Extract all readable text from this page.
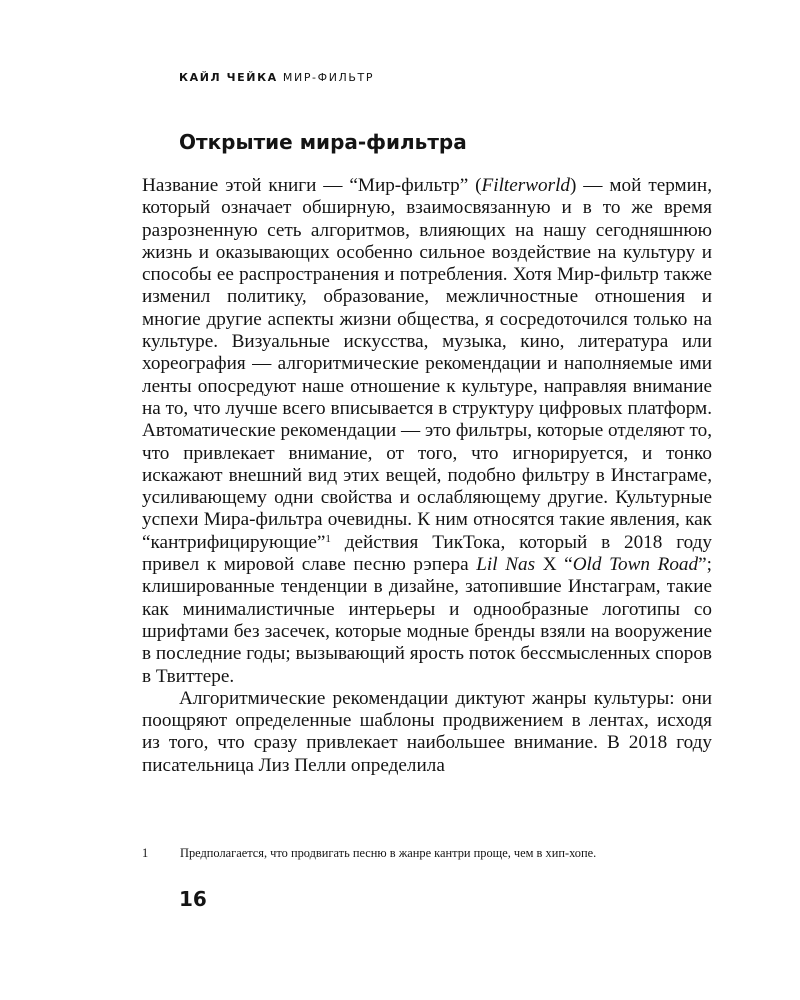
КАЙЛ ЧЕЙКА МИР-ФИЛЬТР
Открытие мира-фильтра

Название этой книги — “Мир-фильтр” (Filterworld) — мой термин, который означает обширную, взаимосвязанную и в то же время разрозненную сеть алгоритмов, влияющих на нашу сегодняшнюю жизнь и оказывающих особенно сильное воздействие на культуру и способы ее распространения и потребления. Хотя Мир-фильтр также изменил политику, образование, межличностные отношения и многие другие аспекты жизни общества, я сосредоточился только на культуре. Визуальные искусства, музыка, кино, литература или хореография — алгоритмические рекомендации и наполняемые ими ленты опосредуют наше отношение к культуре, направляя внимание на то, что лучше всего вписывается в структуру цифровых платформ. Автоматические рекомендации — это фильтры, которые отделяют то, что привлекает внимание, от того, что игнорируется, и тонко искажают внешний вид этих вещей, подобно фильтру в Инстаграме, усиливающему одни свойства и ослабляющему другие. Культурные успехи Мира-фильтра очевидны. К ним относятся такие явления, как “кантрифицирующие”$^1$ действия ТикТока, который в 2018 году привел к мировой славе песню рэпера Lil Nas X “Old Town Road”; клишированные тенденции в дизайне, затопившие Инстаграм, такие как минималистичные интерьеры и однообразные логотипы со шрифтами без засечек, которые модные бренды взяли на вооружение в последние годы; вызывающий ярость поток бессмысленных споров в Твиттере.

Алгоритмические рекомендации диктуют жанры культуры: они поощряют определенные шаблоны продвижением в лентах, исходя из того, что сразу привлекает наибольшее внимание. В 2018 году писательница Лиз Пелли определила

1	Предполагается, что продвигать песню в жанре кантри проще, чем в хип-хопе.
16
